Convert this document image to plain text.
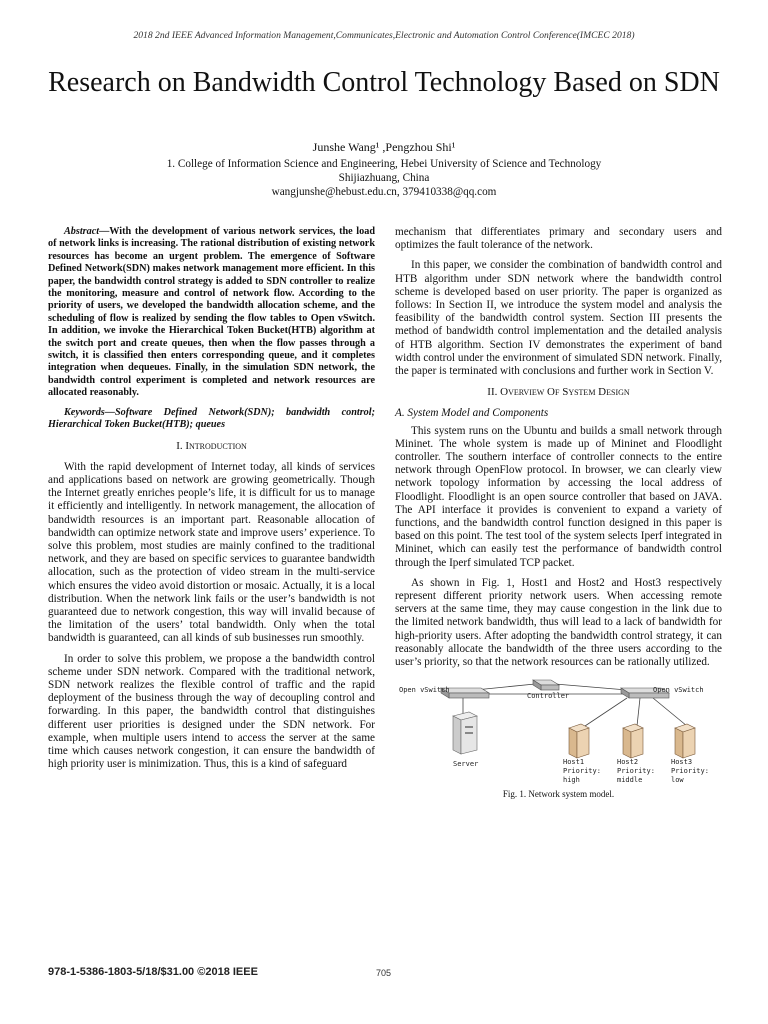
2018 2nd IEEE Advanced Information Management,Communicates,Electronic and Automation Control Conference(IMCEC 2018)
Research on Bandwidth Control Technology Based on SDN
Junshe Wang¹ ,Pengzhou Shi¹
1. College of Information Science and Engineering, Hebei University of Science and Technology
Shijiazhuang, China
wangjunshe@hebust.edu.cn, 379410338@qq.com

Abstract—With the development of various network services, the load of network links is increasing. The rational distribution of existing network resources has become an urgent problem. The emergence of Software Defined Network(SDN) makes network management more efficient. In this paper, the bandwidth control strategy is added to SDN controller to realize the monitoring, measure and control of network flow. According to the priority of users, we developed the bandwidth allocation scheme, and the scheduling of flow is realized by sending the flow tables to Open vSwitch. In addition, we invoke the Hierarchical Token Bucket(HTB) algorithm at the switch port and create queues, then when the flow passes through a switch, it is classified then enters corresponding queue, and it completes integration when dequeues. Finally, in the simulation SDN network, the bandwidth control experiment is completed and network resources are allocated reasonably.

Keywords—Software Defined Network(SDN); bandwidth control; Hierarchical Token Bucket(HTB); queues

I. Introduction

With the rapid development of Internet today, all kinds of services and applications based on network are growing geometrically. Though the Internet greatly enriches people’s life, it is difficult for us to manage it efficiently and intelligently. In network management, the allocation of bandwidth resources is an important part. Reasonable allocation of bandwidth can optimize network state and improve users’ experience. To solve this problem, most studies are mainly confined to the traditional network, and they are based on specific services to guarantee bandwidth allocation, such as the protection of video stream in the multi-service which ensures the video avoid distortion or mosaic. Actually, it is a local distribution. When the network link fails or the user’s bandwidth is not guaranteed due to network congestion, this way will invalid because of the limitation of the users’ total bandwidth. Only when the total bandwidth is guaranteed, can all kinds of sub businesses run smoothly.

In order to solve this problem, we propose a the bandwidth control scheme under SDN network. Compared with the traditional network, SDN network realizes the flexible control of traffic and the rapid deployment of the business through the way of decoupling control and forwarding. In this paper, the bandwidth control that distinguishes different user priorities is designed under the SDN network. For example, when multiple users intend to access the server at the same time which causes network congestion, it can ensure the bandwidth of high priority user is minimization. Thus, this is a kind of safeguard

mechanism that differentiates primary and secondary users and optimizes the fault tolerance of the network.

In this paper, we consider the combination of bandwidth control and HTB algorithm under SDN network where the bandwidth control scheme is developed based on user priority. The paper is organized as follows: In Section II, we introduce the system model and analysis the feasibility of the bandwidth control system. Section III presents the method of bandwidth control implementation and the detailed analysis of HTB algorithm. Section IV demonstrates the experiment of band width control under the environment of simulated SDN network. Finally, the paper is terminated with conclusions and further work in Section V.

II. Overview Of System Design
A. System Model and Components

This system runs on the Ubuntu and builds a small network through Mininet. The whole system is made up of Mininet and Floodlight controller. The southern interface of controller connects to the entire network through OpenFlow protocol. In browser, we can clearly view network topology information by accessing the local address of Floodlight. Floodlight is an open source controller that based on JAVA. The API interface it provides is convenient to expand a variety of functions, and the bandwidth control function designed in this paper is based on this point. The test tool of the system selects Iperf integrated in Mininet, which can easily test the performance of bandwidth control through the Iperf simulated TCP packet.

As shown in Fig. 1, Host1 and Host2 and Host3 respectively represent different priority network users. When accessing remote servers at the same time, they may cause congestion in the link due to the limited network bandwidth, thus will lead to a lack of bandwidth for high-priority users. After adopting the bandwidth control strategy, it can reasonably allocate the bandwidth of the three users according to the user’s priority, so that the network resources can be rationally utilized.

Open vSwitch
Controller
Open vSwitch
Server	Host1
Priority:
high
Host2
Priority:
middle
Host3
Priority:
low
Fig. 1. Network system model.
978-1-5386-1803-5/18/$31.00 ©2018 IEEE	705
